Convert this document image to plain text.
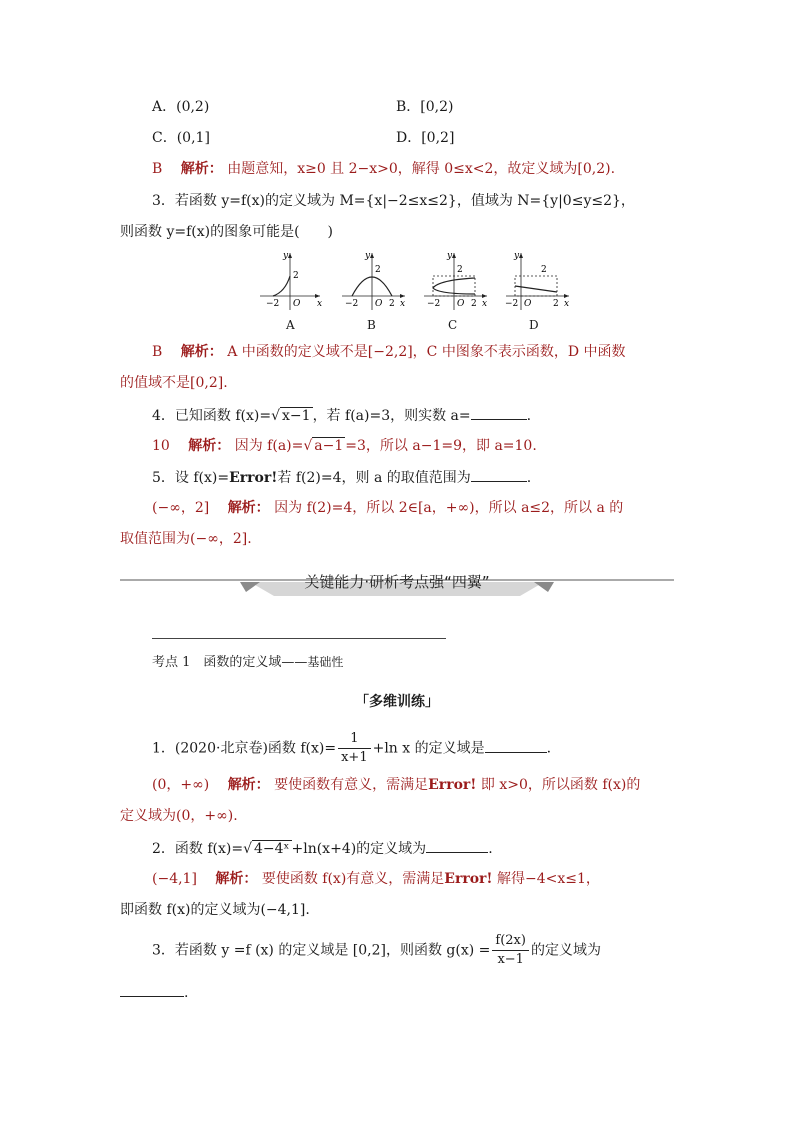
A．(0,2)	B．[0,2)
C．(0,1]	D．[0,2]
B　 解析： 由题意知，x≥0 且 2−x>0，解得 0≤x<2，故定义域为[0,2).
3．若函数 y=f(x)的定义域为 M={x|−2≤x≤2}，值域为 N={y|0≤y≤2}，
则函数 y=f(x)的图象可能是(　　)
x
y
O
−2
2
x
y
O
−2	2
2
x
y
O
−2	2
2
x
y
O
−2	2
2
A	B	C	D
B　 解析： A 中函数的定义域不是[−2,2]，C 中图象不表示函数，D 中函数
的值域不是[0,2].
4．已知函数 f(x)=√ x−1 ，若 f(a)=3，则实数 a=	.
10　 解析： 因为 f(a)=√ a−1 =3，所以 a−1=9，即 a=10.
5．设 f(x)=Error!若 f(2)=4，则 a 的取值范围为	.
(−∞，2]　 解析： 因为 f(2)=4，所以 2∈[a，+∞)，所以 a≤2，所以 a 的
取值范围为(−∞，2].
关键能力·研析考点强“四翼”
考点 1　函数的定义域——基础性
「多维训练」
1．(2020·北京卷)函数 $f(x)= \frac{1}{x+1} +\ln$ x 的定义域是	.
(0，+∞)　 解析： 要使函数有意义，需满足Error! 即 x>0，所以函数 f(x)的
定义域为(0，+∞).
2．函数 f(x)=√ 4−4ˣ +ln(x+4)的定义域为	.
(−4,1]　 解析： 要使函数 f(x)有意义，需满足Error! 解得−4<x≤1，
即函数 f(x)的定义域为(−4,1].
3．若函数 y =f (x) 的定义域是 [0,2]，则函数 $g(x) = \frac{f(2x)}{x-1}$ 的定义域为
.
